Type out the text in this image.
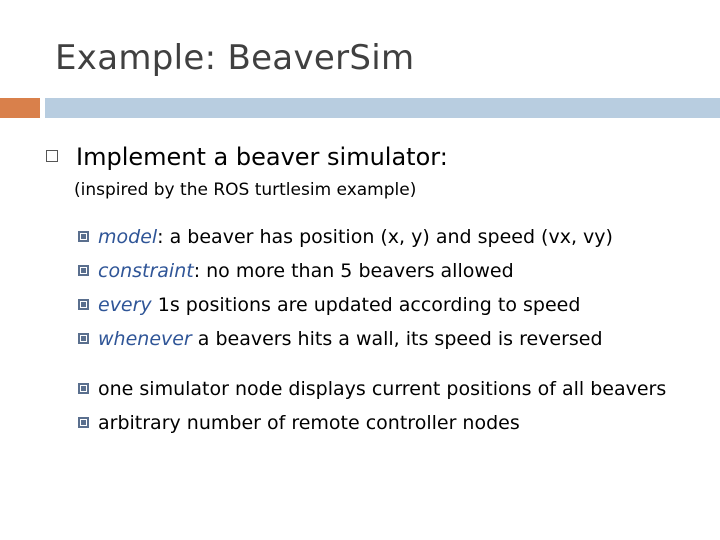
Example: BeaverSim
Implement a beaver simulator:
(inspired by the ROS turtlesim example)
model: a beaver has position (x, y) and speed (vx, vy)
constraint: no more than 5 beavers allowed
every 1s positions are updated according to speed
whenever a beavers hits a wall, its speed is reversed
one simulator node displays current positions of all beavers
arbitrary number of remote controller nodes
